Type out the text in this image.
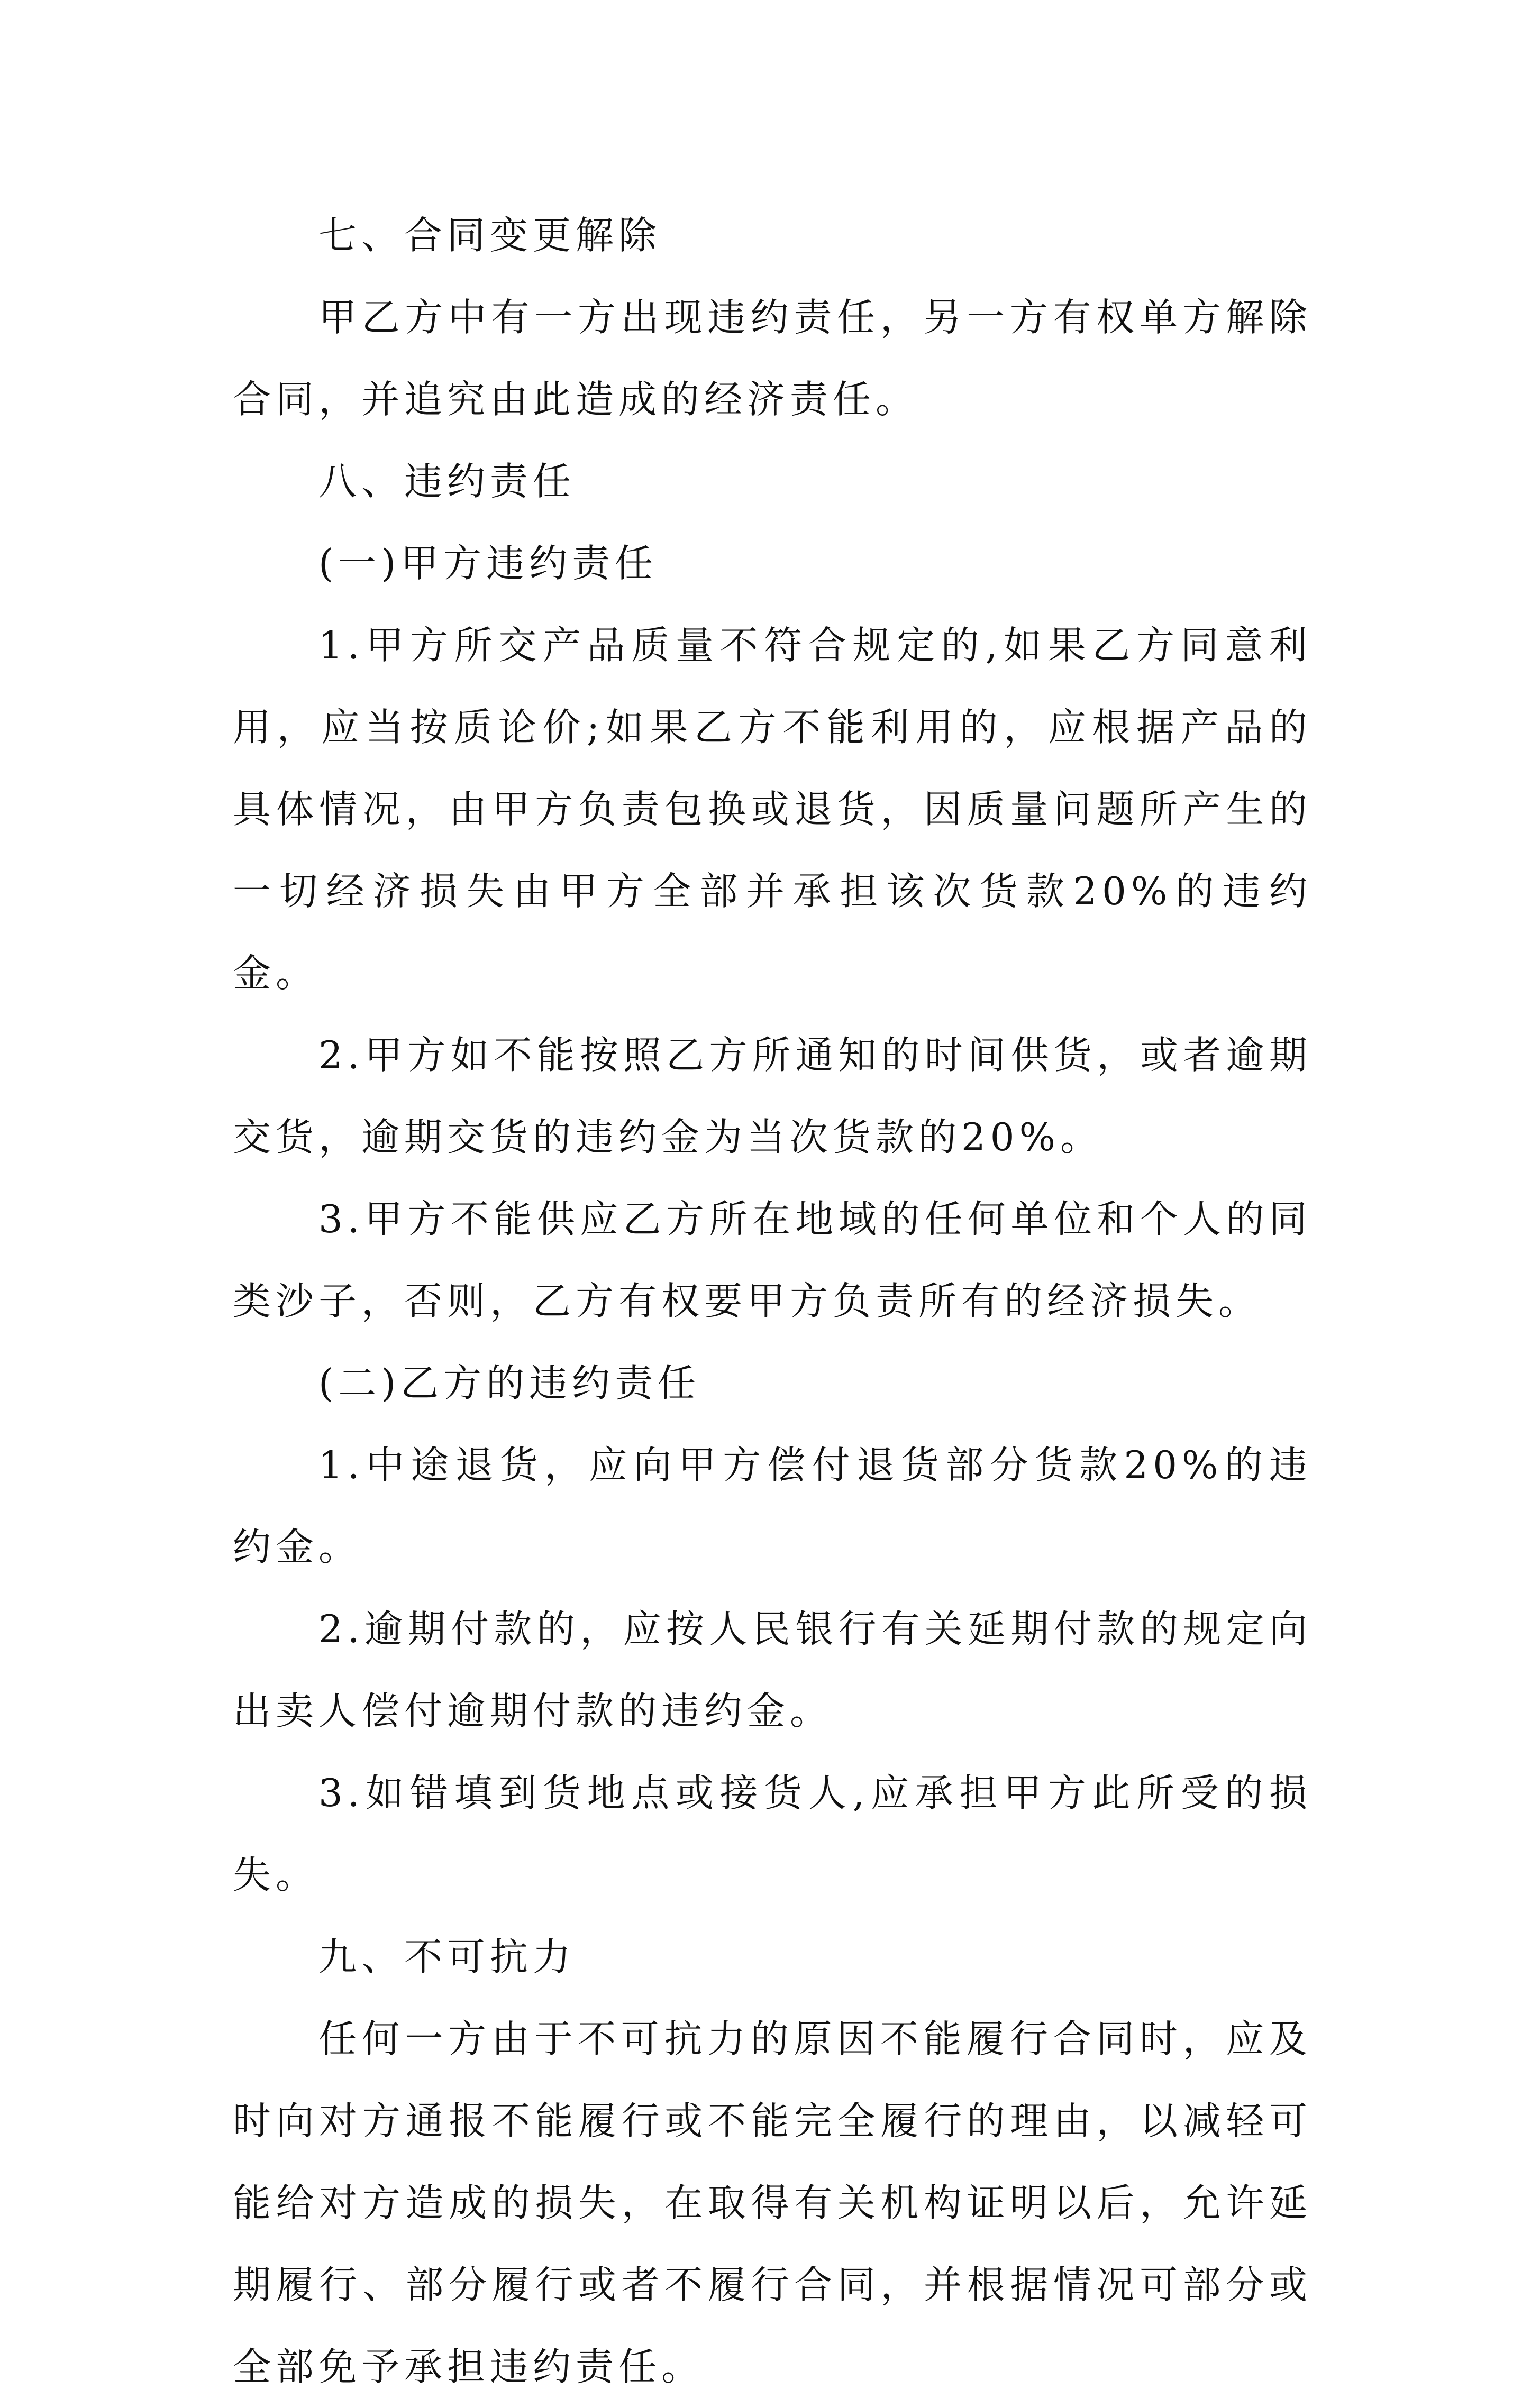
七、合同变更解除

甲乙方中有一方出现违约责任，另一方有权单方解除合同，并追究由此造成的经济责任。

八、违约责任

(一)甲方违约责任

1.甲方所交产品质量不符合规定的,如果乙方同意利用，应当按质论价;如果乙方不能利用的，应根据产品的具体情况，由甲方负责包换或退货，因质量问题所产生的一切经济损失由甲方全部并承担该次货款20%的违约金。

2.甲方如不能按照乙方所通知的时间供货，或者逾期交货，逾期交货的违约金为当次货款的20%。

3.甲方不能供应乙方所在地域的任何单位和个人的同类沙子，否则，乙方有权要甲方负责所有的经济损失。

(二)乙方的违约责任

1.中途退货，应向甲方偿付退货部分货款20%的违约金。

2.逾期付款的，应按人民银行有关延期付款的规定向出卖人偿付逾期付款的违约金。

3.如错填到货地点或接货人,应承担甲方此所受的损失。

九、不可抗力

任何一方由于不可抗力的原因不能履行合同时，应及时向对方通报不能履行或不能完全履行的理由，以减轻可能给对方造成的损失，在取得有关机构证明以后，允许延期履行、部分履行或者不履行合同，并根据情况可部分或全部免予承担违约责任。
